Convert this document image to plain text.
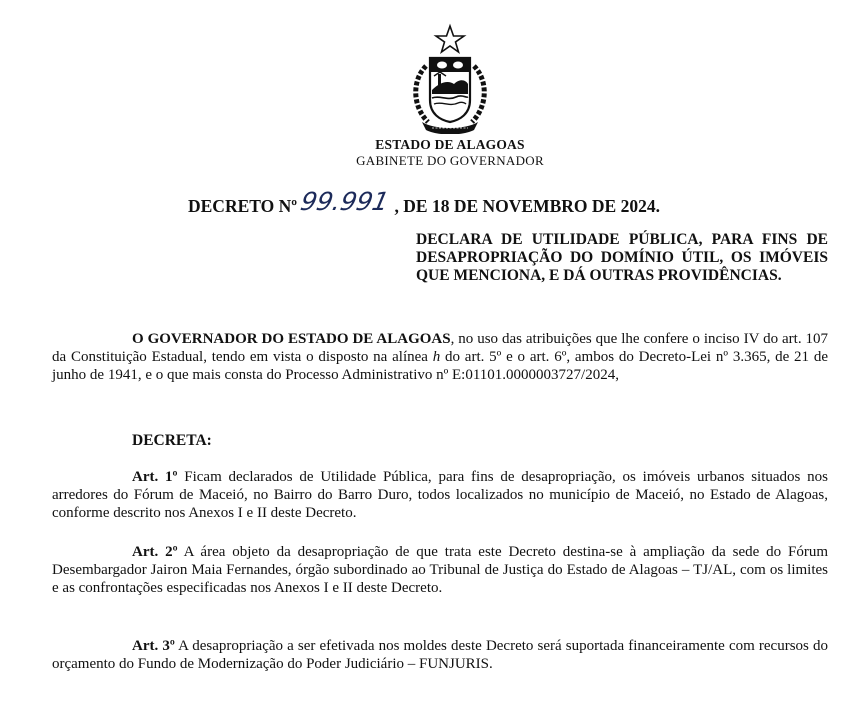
ESTADO DE ALAGOAS
GABINETE DO GOVERNADOR
DECRETO Nº99.991 , DE 18 DE NOVEMBRO DE 2024.
DECLARA DE UTILIDADE PÚBLICA, PARA FINS DE DESAPROPRIAÇÃO DO DOMÍNIO ÚTIL, OS IMÓVEIS QUE MENCIONA, E DÁ OUTRAS PROVIDÊNCIAS.
O GOVERNADOR DO ESTADO DE ALAGOAS, no uso das atribuições que lhe confere o inciso IV do art. 107 da Constituição Estadual, tendo em vista o disposto na alínea h do art. 5º e o art. 6º, ambos do Decreto-Lei nº 3.365, de 21 de junho de 1941, e o que mais consta do Processo Administrativo nº E:01101.0000003727/2024,
DECRETA:
Art. 1º Ficam declarados de Utilidade Pública, para fins de desapropriação, os imóveis urbanos situados nos arredores do Fórum de Maceió, no Bairro do Barro Duro, todos localizados no município de Maceió, no Estado de Alagoas, conforme descrito nos Anexos I e II deste Decreto.
Art. 2º A área objeto da desapropriação de que trata este Decreto destina-se à ampliação da sede do Fórum Desembargador Jairon Maia Fernandes, órgão subordinado ao Tribunal de Justiça do Estado de Alagoas – TJ/AL, com os limites e as confrontações especificadas nos Anexos I e II deste Decreto.
Art. 3º A desapropriação a ser efetivada nos moldes deste Decreto será suportada financeiramente com recursos do orçamento do Fundo de Modernização do Poder Judiciário – FUNJURIS.
